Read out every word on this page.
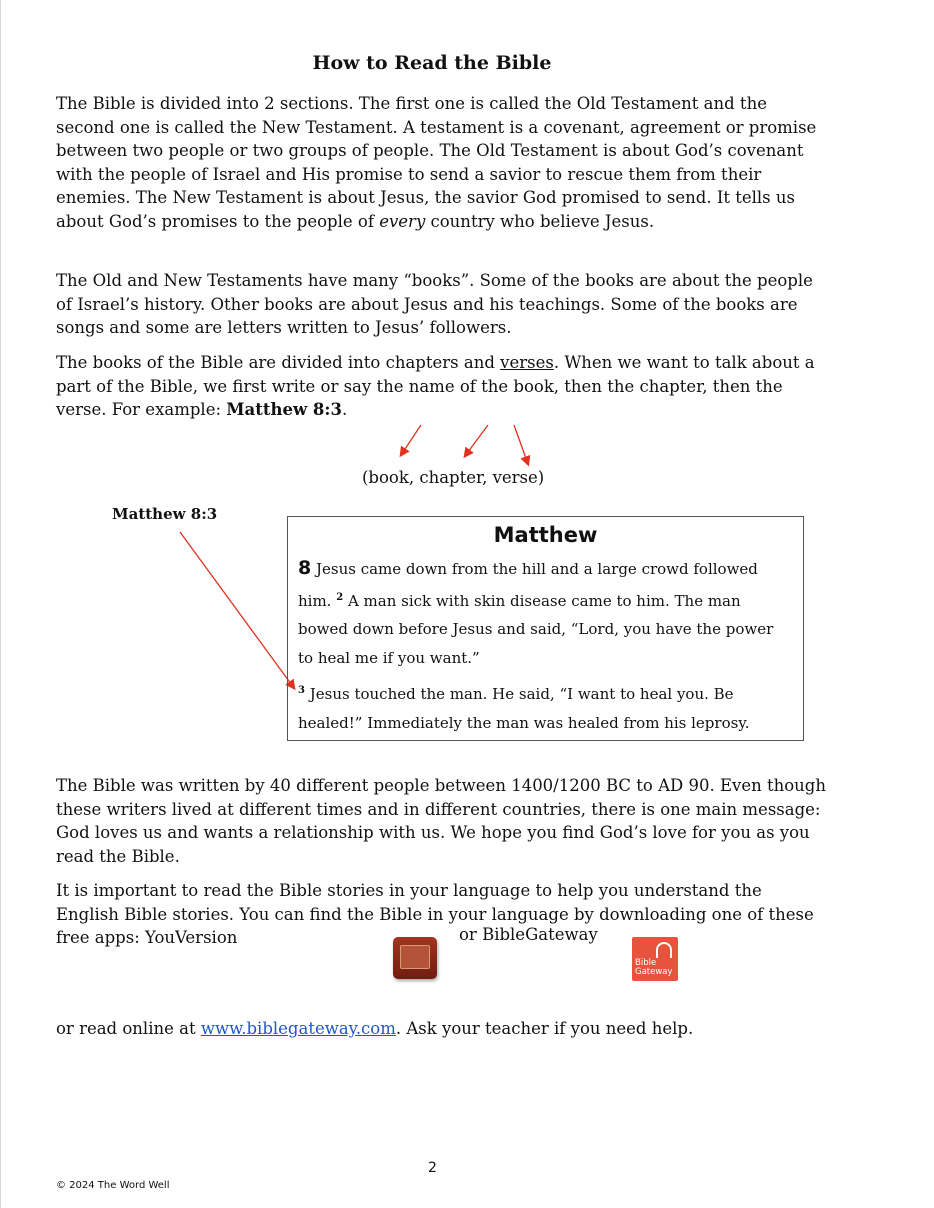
How to Read the Bible

The Bible is divided into 2 sections. The first one is called the Old Testament and the second one is called the New Testament. A testament is a covenant, agreement or promise between two people or two groups of people. The Old Testament is about God’s covenant with the people of Israel and His promise to send a savior to rescue them from their enemies. The New Testament is about Jesus, the savior God promised to send. It tells us about God’s promises to the people of every country who believe Jesus.

The Old and New Testaments have many “books”. Some of the books are about the people of Israel’s history. Other books are about Jesus and his teachings. Some of the books are songs and some are letters written to Jesus’ followers.

The books of the Bible are divided into chapters and verses. When we want to talk about a part of the Bible, we first write or say the name of the book, then the chapter, then the verse. For example: Matthew 8:3.

(book, chapter, verse)
Matthew 8:3
Matthew
8 Jesus came down from the hill and a large crowd followed him. $^2$ A man sick with skin disease came to him. The man bowed down before Jesus and said, “Lord, you have the power to heal me if you want.”
$^3$ Jesus touched the man. He said, “I want to heal you. Be healed!” Immediately the man was healed from his leprosy.

The Bible was written by 40 different people between 1400/1200 BC to AD 90. Even though these writers lived at different times and in different countries, there is one main message: God loves us and wants a relationship with us. We hope you find God’s love for you as you read the Bible.

It is important to read the Bible stories in your language to help you understand the English Bible stories. You can find the Bible in your language by downloading one of these free apps: YouVersion	or BibleGateway
Bible
Gateway

or read online at www.biblegateway.com. Ask your teacher if you need help.

2
© 2024 The Word Well
